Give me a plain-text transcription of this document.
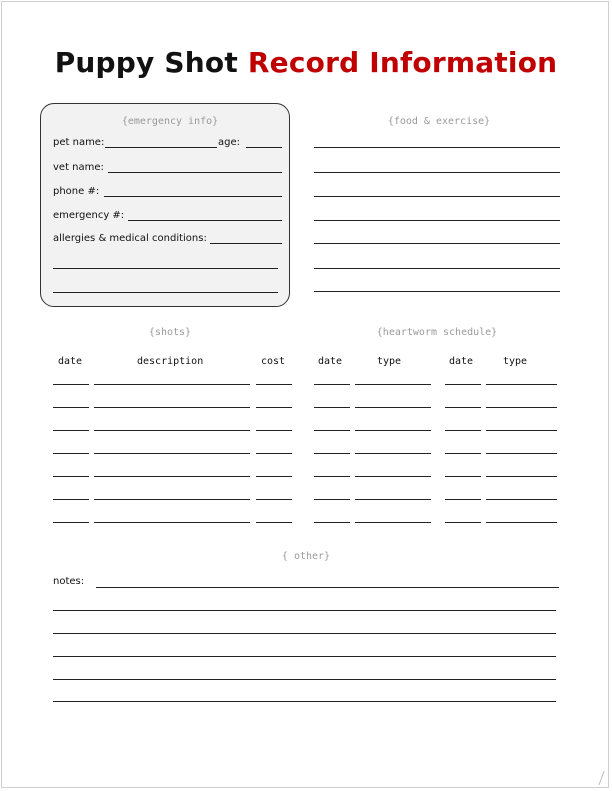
Puppy Shot Record Information
{emergency info}
pet name:	age:
vet name:
phone #:
emergency #:
allergies & medical conditions:
{food & exercise}
{shots}
date	description	cost
{heartworm schedule}
date	type	date	type
{ other}
notes:
